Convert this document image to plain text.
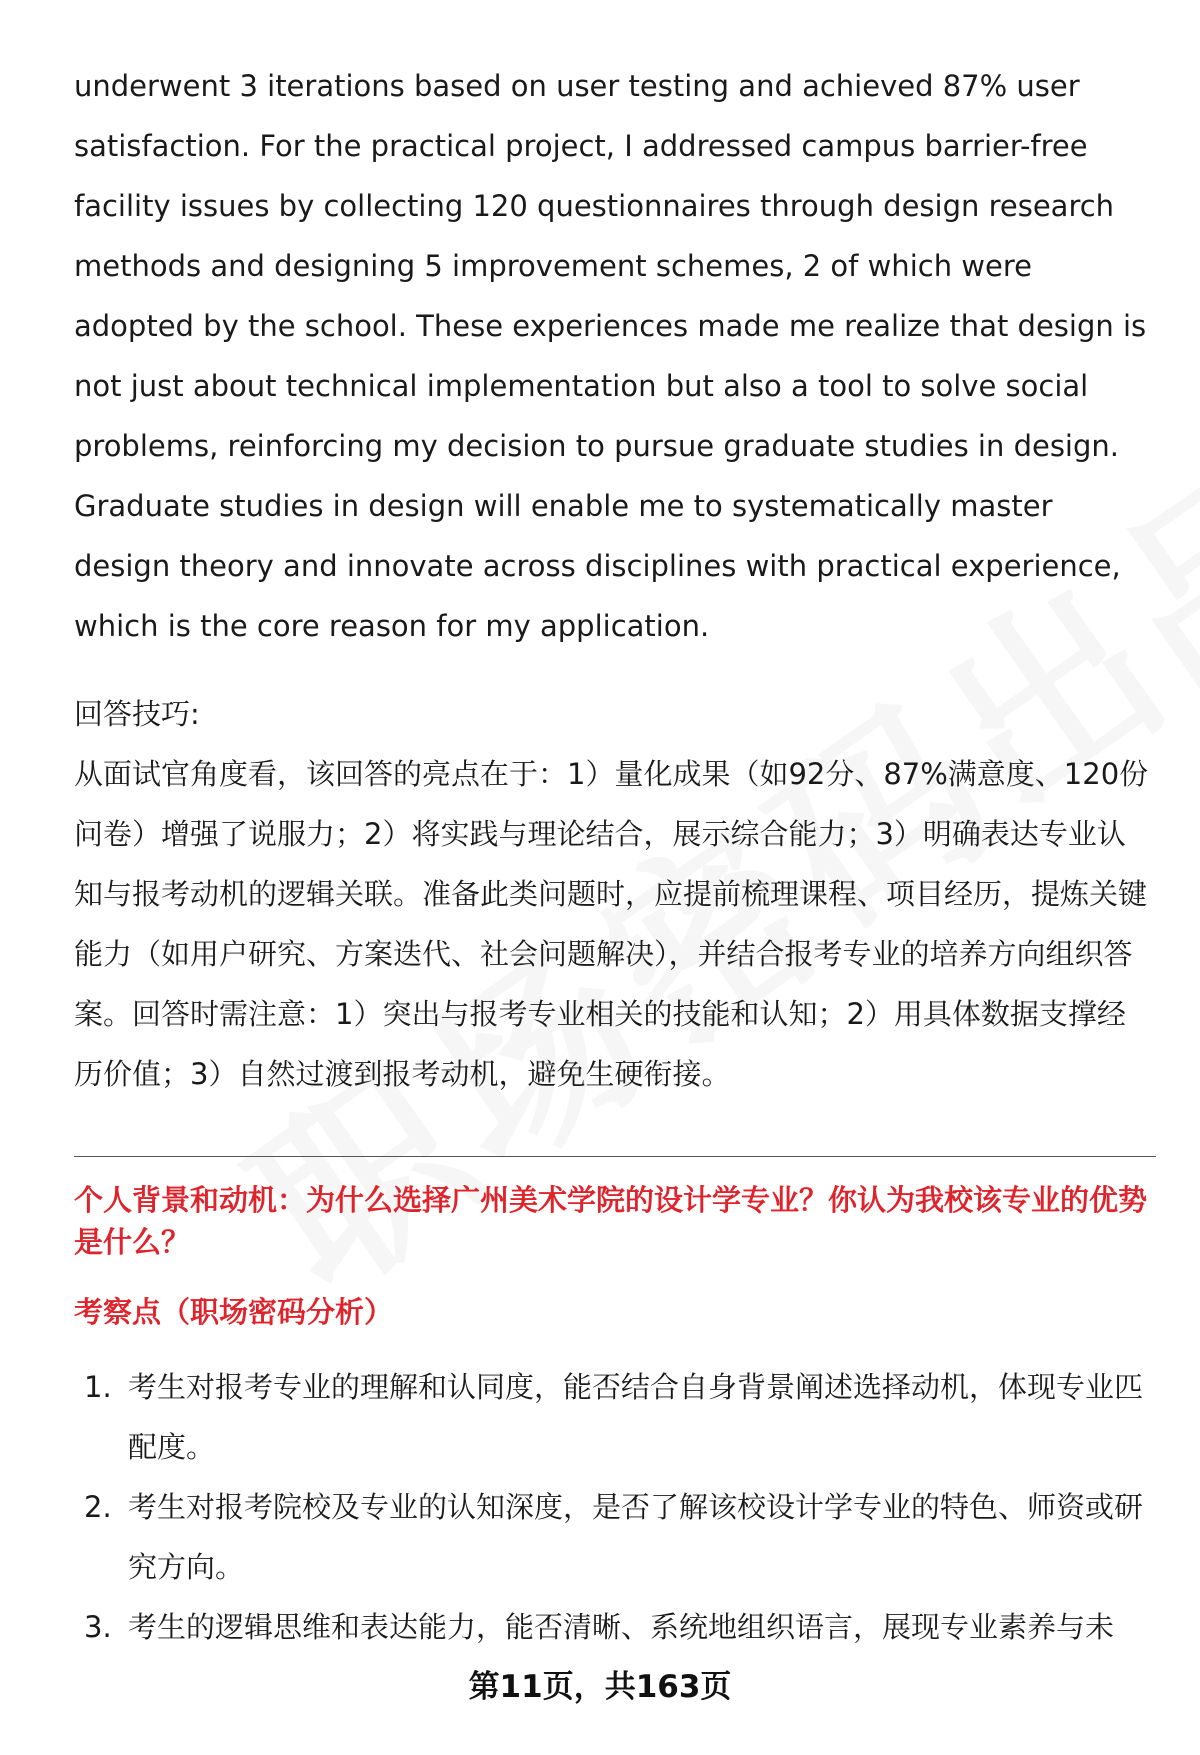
underwent 3 iterations based on user testing and achieved 87% user satisfaction. For the practical project, I addressed campus barrier-free facility issues by collecting 120 questionnaires through design research methods and designing 5 improvement schemes, 2 of which were adopted by the school. These experiences made me realize that design is not just about technical implementation but also a tool to solve social problems, reinforcing my decision to pursue graduate studies in design. Graduate studies in design will enable me to systematically master design theory and innovate across disciplines with practical experience, which is the core reason for my application.

回答技巧:

从面试官角度看，该回答的亮点在于：1）量化成果（如92分、87%满意度、120份问卷）增强了说服力；2）将实践与理论结合，展示综合能力；3）明确表达专业认知与报考动机的逻辑关联。准备此类问题时，应提前梳理课程、项目经历，提炼关键能力（如用户研究、方案迭代、社会问题解决），并结合报考专业的培养方向组织答案。回答时需注意：1）突出与报考专业相关的技能和认知；2）用具体数据支撑经历价值；3）自然过渡到报考动机，避免生硬衔接。

个人背景和动机：为什么选择广州美术学院的设计学专业？你认为我校该专业的优势是什么？

考察点（职场密码分析）

1. 考生对报考专业的理解和认同度，能否结合自身背景阐述选择动机，体现专业匹配度。
2. 考生对报考院校及专业的认知深度，是否了解该校设计学专业的特色、师资或研究方向。
3. 考生的逻辑思维和表达能力，能否清晰、系统地组织语言，展现专业素养与未
第11页，共163页
